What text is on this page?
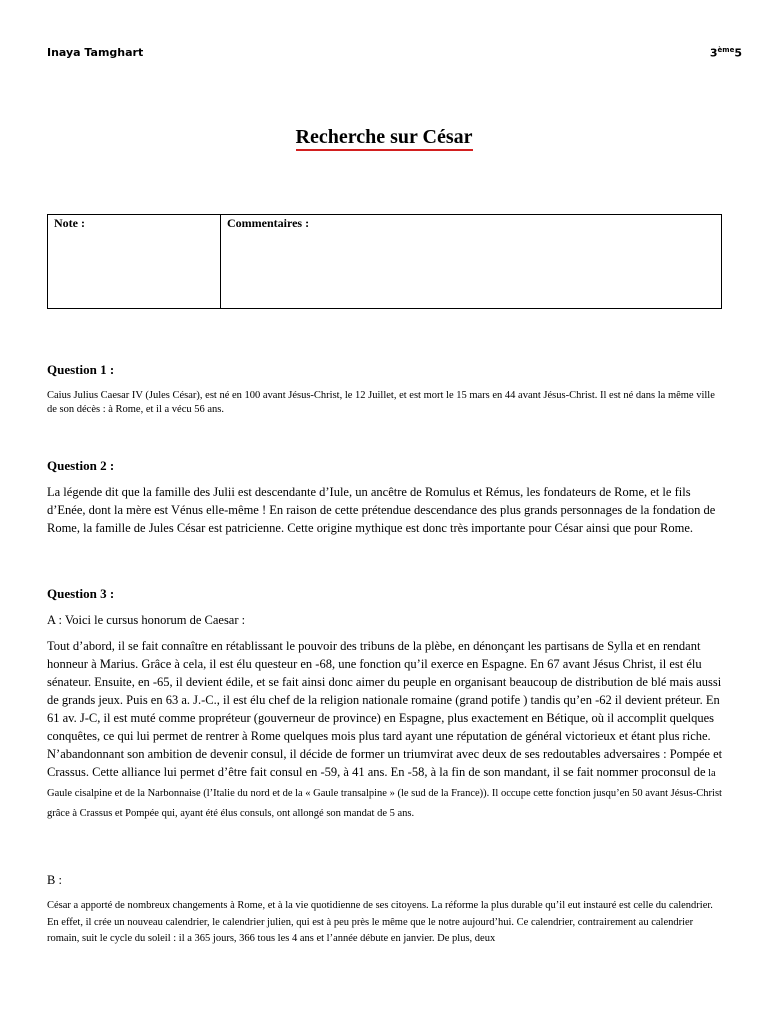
Inaya Tamghart	3ème5
Recherche sur César
Note :	Commentaires :
Question 1 :
Caius Julius Caesar IV (Jules César), est né en 100 avant Jésus-Christ, le 12 Juillet, et est mort le 15 mars en 44 avant Jésus-Christ. Il est né dans la même ville de son décès : à Rome, et il a vécu 56 ans.
Question 2 :
La légende dit que la famille des Julii est descendante d’Iule, un ancêtre de Romulus et Rémus, les fondateurs de Rome, et le fils d’Enée, dont la mère est Vénus elle-même ! En raison de cette prétendue descendance des plus grands personnages de la fondation de Rome, la famille de Jules César est patricienne. Cette origine mythique est donc très importante pour César ainsi que pour Rome.
Question 3 :
A : Voici le cursus honorum de Caesar :
Tout d’abord, il se fait connaître en rétablissant le pouvoir des tribuns de la plèbe, en dénonçant les partisans de Sylla et en rendant honneur à Marius. Grâce à cela, il est élu questeur en -68, une fonction qu’il exerce en Espagne. En 67 avant Jésus Christ, il est élu sénateur. Ensuite, en -65, il devient édile, et se fait ainsi donc aimer du peuple en organisant beaucoup de distribution de blé mais aussi de grands jeux. Puis en 63 a. J.-C., il est élu chef de la religion nationale romaine (grand potife ) tandis qu’en -62 il devient préteur. En 61 av. J-C, il est muté comme propréteur (gouverneur de province) en Espagne, plus exactement en Bétique, où il accomplit quelques conquêtes, ce qui lui permet de rentrer à Rome quelques mois plus tard ayant une réputation de général victorieux et étant plus riche. N’abandonnant son ambition de devenir consul, il décide de former un triumvirat avec deux de ses redoutables adversaires : Pompée et Crassus. Cette alliance lui permet d’être fait consul en -59, à 41 ans. En -58, à la fin de son mandant, il se fait nommer proconsul de la Gaule cisalpine et de la Narbonnaise (l’Italie du nord et de la « Gaule transalpine » (le sud de la France)). Il occupe cette fonction jusqu’en 50 avant Jésus-Christ grâce à Crassus et Pompée qui, ayant été élus consuls, ont allongé son mandat de 5 ans.
B :
César a apporté de nombreux changements à Rome, et à la vie quotidienne de ses citoyens. La réforme la plus durable qu’il eut instauré est celle du calendrier. En effet, il crée un nouveau calendrier, le calendrier julien, qui est à peu près le même que le notre aujourd’hui. Ce calendrier, contrairement au calendrier romain, suit le cycle du soleil : il a 365 jours, 366 tous les 4 ans et l’année débute en janvier. De plus, deux
